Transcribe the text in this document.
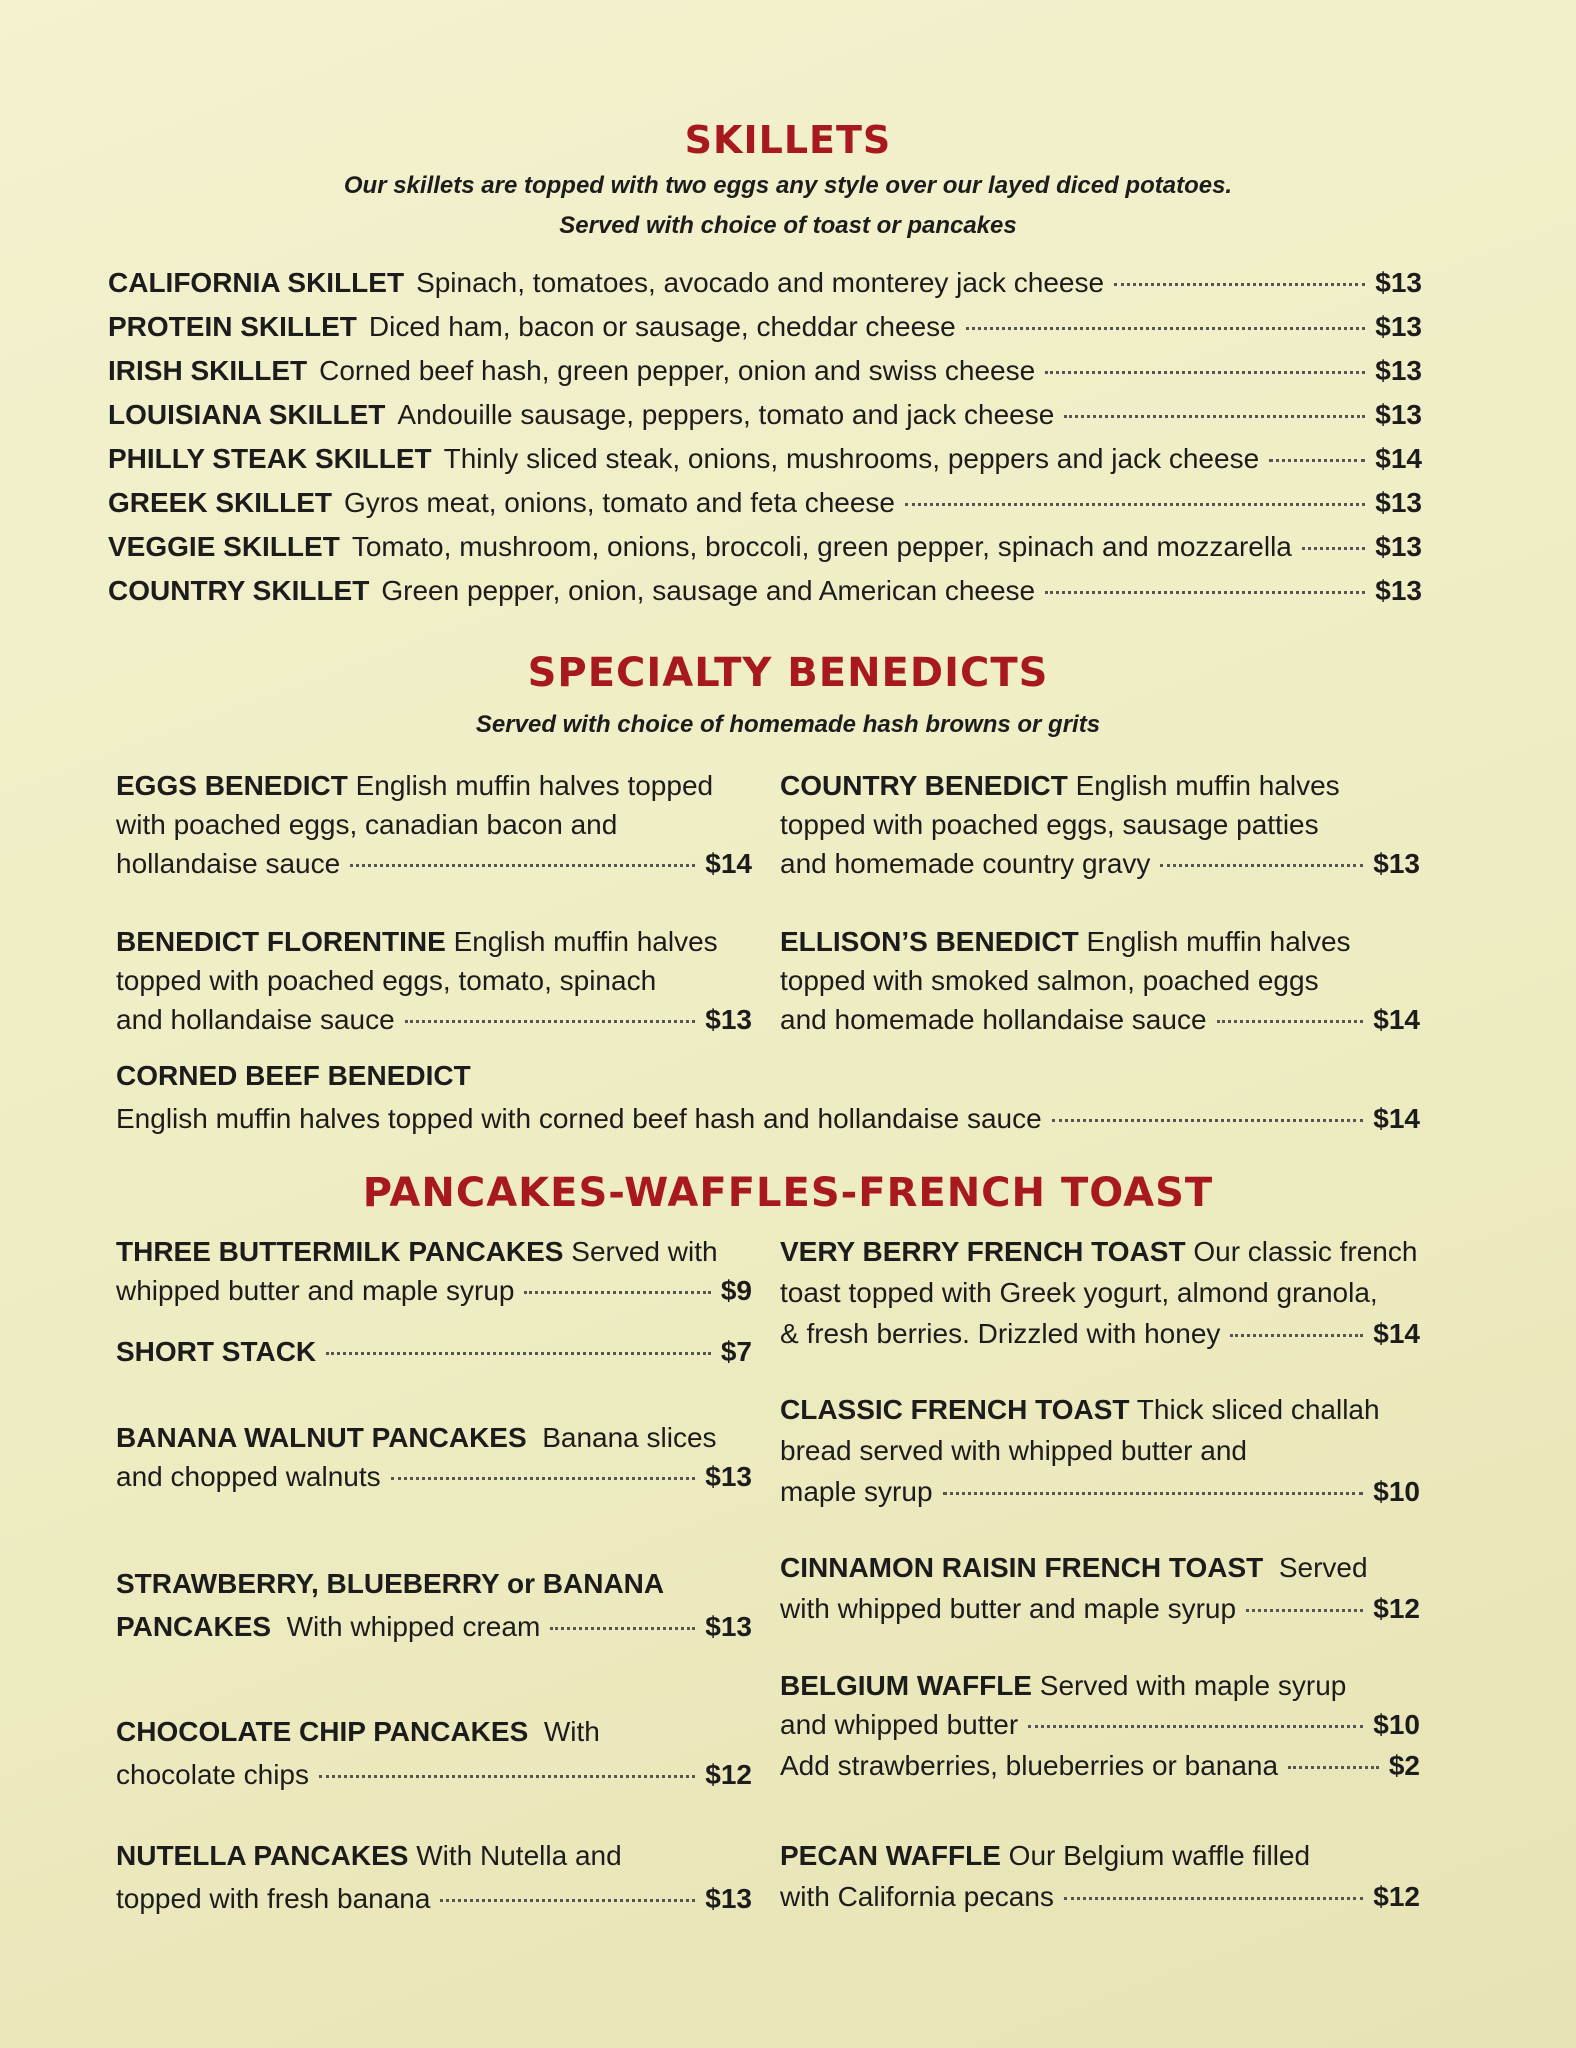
SKILLETS
Our skillets are topped with two eggs any style over our layed diced potatoes.
Served with choice of toast or pancakes
CALIFORNIA SKILLET Spinach, tomatoes, avocado and monterey jack cheese	$13
PROTEIN SKILLET Diced ham, bacon or sausage, cheddar cheese	$13
IRISH SKILLET Corned beef hash, green pepper, onion and swiss cheese	$13
LOUISIANA SKILLET Andouille sausage, peppers, tomato and jack cheese	$13
PHILLY STEAK SKILLET Thinly sliced steak, onions, mushrooms, peppers and jack cheese	$14
GREEK SKILLET Gyros meat, onions, tomato and feta cheese	$13
VEGGIE SKILLET Tomato, mushroom, onions, broccoli, green pepper, spinach and mozzarella	$13
COUNTRY SKILLET Green pepper, onion, sausage and American cheese	$13
SPECIALTY BENEDICTS
Served with choice of homemade hash browns or grits
EGGS BENEDICT English muffin halves topped
with poached eggs, canadian bacon and
hollandaise sauce	$14
COUNTRY BENEDICT English muffin halves
topped with poached eggs, sausage patties
and homemade country gravy	$13
BENEDICT FLORENTINE English muffin halves
topped with poached eggs, tomato, spinach
and hollandaise sauce	$13
ELLISON’S BENEDICT English muffin halves
topped with smoked salmon, poached eggs
and homemade hollandaise sauce	$14
CORNED BEEF BENEDICT
English muffin halves topped with corned beef hash and hollandaise sauce	$14
PANCAKES-WAFFLES-FRENCH TOAST
THREE BUTTERMILK PANCAKES Served with
whipped butter and maple syrup	$9
SHORT STACK	$7
BANANA WALNUT PANCAKES Banana slices
and chopped walnuts	$13
STRAWBERRY, BLUEBERRY or BANANA
PANCAKES With whipped cream	$13
CHOCOLATE CHIP PANCAKES With
chocolate chips	$12
NUTELLA PANCAKES With Nutella and
topped with fresh banana	$13
VERY BERRY FRENCH TOAST Our classic french
toast topped with Greek yogurt, almond granola,
& fresh berries. Drizzled with honey	$14
CLASSIC FRENCH TOAST Thick sliced challah
bread served with whipped butter and
maple syrup	$10
CINNAMON RAISIN FRENCH TOAST Served
with whipped butter and maple syrup	$12
BELGIUM WAFFLE Served with maple syrup
and whipped butter	$10
Add strawberries, blueberries or banana	$2
PECAN WAFFLE Our Belgium waffle filled
with California pecans	$12
